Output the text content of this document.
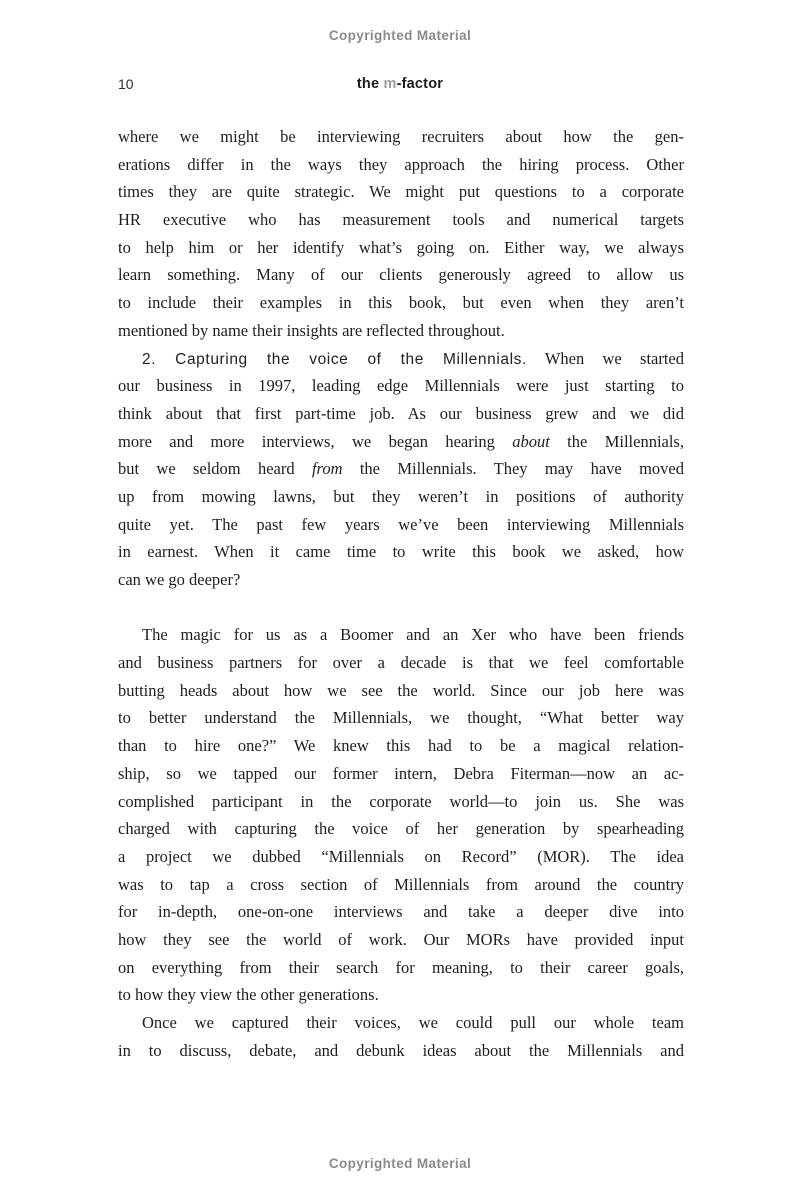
Copyrighted Material
10	the m-factor
where we might be interviewing recruiters about how the gen-
erations differ in the ways they approach the hiring process. Other
times they are quite strategic. We might put questions to a corporate
HR executive who has measurement tools and numerical targets
to help him or her identify what’s going on. Either way, we always
learn something. Many of our clients generously agreed to allow us
to include their examples in this book, but even when they aren’t
mentioned by name their insights are reflected throughout.
2. Capturing the voice of the Millennials. When we started
our business in 1997, leading edge Millennials were just starting to
think about that first part-time job. As our business grew and we did
more and more interviews, we began hearing about the Millennials,
but we seldom heard from the Millennials. They may have moved
up from mowing lawns, but they weren’t in positions of authority
quite yet. The past few years we’ve been interviewing Millennials
in earnest. When it came time to write this book we asked, how
can we go deeper?
The magic for us as a Boomer and an Xer who have been friends
and business partners for over a decade is that we feel comfortable
butting heads about how we see the world. Since our job here was
to better understand the Millennials, we thought, “What better way
than to hire one?” We knew this had to be a magical relation-
ship, so we tapped our former intern, Debra Fiterman—now an ac-
complished participant in the corporate world—to join us. She was
charged with capturing the voice of her generation by spearheading
a project we dubbed “Millennials on Record” (MOR). The idea
was to tap a cross section of Millennials from around the country
for in-depth, one-on-one interviews and take a deeper dive into
how they see the world of work. Our MORs have provided input
on everything from their search for meaning, to their career goals,
to how they view the other generations.
Once we captured their voices, we could pull our whole team
in to discuss, debate, and debunk ideas about the Millennials and
Copyrighted Material
